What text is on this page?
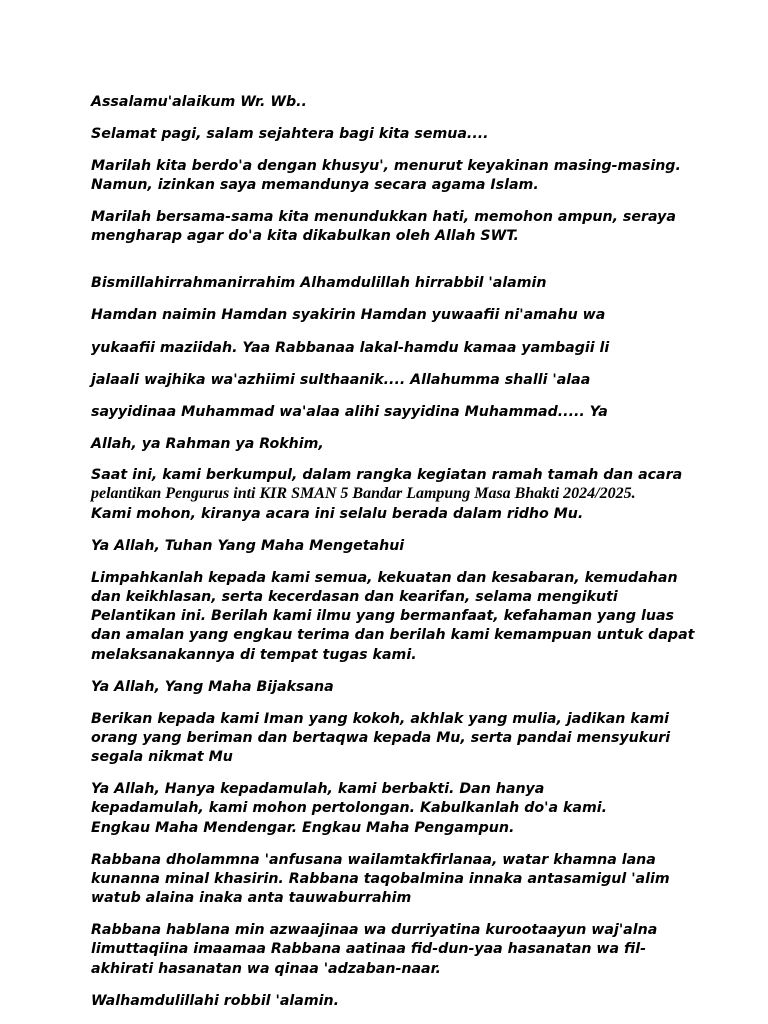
Assalamu'alaikum Wr. Wb..

Selamat pagi, salam sejahtera bagi kita semua....

Marilah kita berdo'a dengan khusyu', menurut keyakinan masing-masing.

Namun, izinkan saya memandunya secara agama Islam.

Marilah bersama-sama kita menundukkan hati, memohon ampun, seraya

mengharap agar do'a kita dikabulkan oleh Allah SWT.

Bismillahirrahmanirrahim Alhamdulillah hirrabbil 'alamin

Hamdan naimin Hamdan syakirin Hamdan yuwaafii ni'amahu wa

yukaafii maziidah. Yaa Rabbanaa lakal-hamdu kamaa yambagii li

jalaali wajhika wa'azhiimi sulthaanik.... Allahumma shalli 'alaa

sayyidinaa Muhammad wa'alaa alihi sayyidina Muhammad..... Ya

Allah, ya Rahman ya Rokhim,

Saat ini, kami berkumpul, dalam rangka kegiatan ramah tamah dan acara

pelantikan Pengurus inti KIR SMAN 5 Bandar Lampung Masa Bhakti 2024/2025.

Kami mohon, kiranya acara ini selalu berada dalam ridho Mu.

Ya Allah, Tuhan Yang Maha Mengetahui

Limpahkanlah kepada kami semua, kekuatan dan kesabaran, kemudahan

dan keikhlasan, serta kecerdasan dan kearifan, selama mengikuti

Pelantikan ini. Berilah kami ilmu yang bermanfaat, kefahaman yang luas

dan amalan yang engkau terima dan berilah kami kemampuan untuk dapat

melaksanakannya di tempat tugas kami.

Ya Allah, Yang Maha Bijaksana

Berikan kepada kami Iman yang kokoh, akhlak yang mulia, jadikan kami

orang yang beriman dan bertaqwa kepada Mu, serta pandai mensyukuri

segala nikmat Mu

Ya Allah, Hanya kepadamulah, kami berbakti. Dan hanya

kepadamulah, kami mohon pertolongan. Kabulkanlah do'a kami.

Engkau Maha Mendengar. Engkau Maha Pengampun.

Rabbana dholammna 'anfusana wailamtakfirlanaa, watar khamna lana

kunanna minal khasirin. Rabbana taqobalmina innaka antasamigul 'alim

watub alaina inaka anta tauwaburrahim

Rabbana hablana min azwaajinaa wa durriyatina kurootaayun waj'alna

limuttaqiina imaamaa Rabbana aatinaa fid-dun-yaa hasanatan wa fil-

akhirati hasanatan wa qinaa 'adzaban-naar.

Walhamdulillahi robbil 'alamin.
